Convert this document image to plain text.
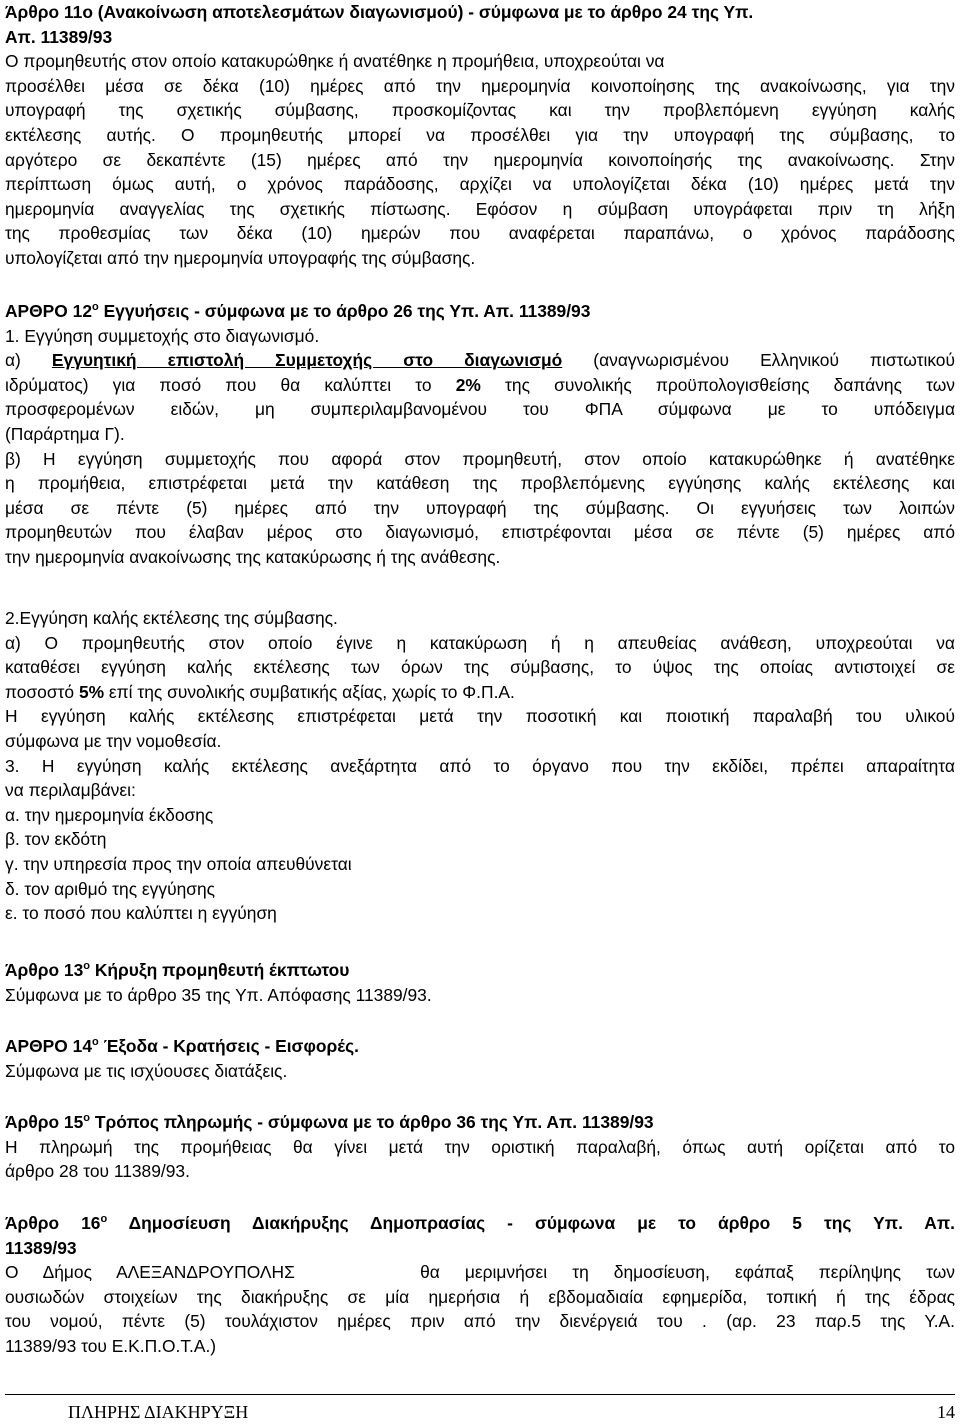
Άρθρο 11ο (Ανακοίνωση αποτελεσμάτων διαγωνισμού) - σύμφωνα με το άρθρο 24 της Υπ.
Απ. 11389/93
Ο προμηθευτής στον οποίο κατακυρώθηκε ή ανατέθηκε η προμήθεια, υποχρεούται να
προσέλθει μέσα σε δέκα (10) ημέρες από την ημερομηνία κοινοποίησης της ανακοίνωσης, για την
υπογραφή της σχετικής σύμβασης, προσκομίζοντας και την προβλεπόμενη εγγύηση καλής
εκτέλεσης αυτής. Ο προμηθευτής μπορεί να προσέλθει για την υπογραφή της σύμβασης, το
αργότερο σε δεκαπέντε (15) ημέρες από την ημερομηνία κοινοποίησής της ανακοίνωσης. Στην
περίπτωση όμως αυτή, ο χρόνος παράδοσης, αρχίζει να υπολογίζεται δέκα (10) ημέρες μετά την
ημερομηνία αναγγελίας της σχετικής πίστωσης. Εφόσον η σύμβαση υπογράφεται πριν τη λήξη
της προθεσμίας των δέκα (10) ημερών που αναφέρεται παραπάνω, ο χρόνος παράδοσης
υπολογίζεται από την ημερομηνία υπογραφής της σύμβασης.
ΑΡΘΡΟ $12^o$ Εγγυήσεις - σύμφωνα με το άρθρο 26 της Υπ. Απ. 11389/93
1. Εγγύηση συμμετοχής στο διαγωνισμό.
α) Εγγυητική επιστολή Συμμετοχής στο διαγωνισμό (αναγνωρισμένου Ελληνικού πιστωτικού
ιδρύματος) για ποσό που θα καλύπτει το 2% της συνολικής προϋπολογισθείσης δαπάνης των
προσφερομένων ειδών, μη συμπεριλαμβανομένου του ΦΠΑ σύμφωνα με το υπόδειγμα
(Παράρτημα Γ).
β) Η εγγύηση συμμετοχής που αφορά στον προμηθευτή, στον οποίο κατακυρώθηκε ή ανατέθηκε
η προμήθεια, επιστρέφεται μετά την κατάθεση της προβλεπόμενης εγγύησης καλής εκτέλεσης και
μέσα σε πέντε (5) ημέρες από την υπογραφή της σύμβασης. Οι εγγυήσεις των λοιπών
προμηθευτών που έλαβαν μέρος στο διαγωνισμό, επιστρέφονται μέσα σε πέντε (5) ημέρες από
την ημερομηνία ανακοίνωσης της κατακύρωσης ή της ανάθεσης.
2.Εγγύηση καλής εκτέλεσης της σύμβασης.
α) Ο προμηθευτής στον οποίο έγινε η κατακύρωση ή η απευθείας ανάθεση, υποχρεούται να
καταθέσει εγγύηση καλής εκτέλεσης των όρων της σύμβασης, το ύψος της οποίας αντιστοιχεί σε
ποσοστό 5% επί της συνολικής συμβατικής αξίας, χωρίς το Φ.Π.Α.
Η εγγύηση καλής εκτέλεσης επιστρέφεται μετά την ποσοτική και ποιοτική παραλαβή του υλικού
σύμφωνα με την νομοθεσία.
3. Η εγγύηση καλής εκτέλεσης ανεξάρτητα από το όργανο που την εκδίδει, πρέπει απαραίτητα
να περιλαμβάνει:
α. την ημερομηνία έκδοσης
β. τον εκδότη
γ. την υπηρεσία προς την οποία απευθύνεται
δ. τον αριθμό της εγγύησης
ε. το ποσό που καλύπτει η εγγύηση
Άρθρο $13^o$ Κήρυξη προμηθευτή έκπτωτου
Σύμφωνα με το άρθρο 35 της Υπ. Απόφασης 11389/93.
ΑΡΘΡΟ $14^o$ Έξοδα - Κρατήσεις - Εισφορές.
Σύμφωνα με τις ισχύουσες διατάξεις.
Άρθρο $15^o$ Τρόπος πληρωμής - σύμφωνα με το άρθρο 36 της Υπ. Απ. 11389/93
Η πληρωμή της προμήθειας θα γίνει μετά την οριστική παραλαβή, όπως αυτή ορίζεται από το
άρθρο 28 του 11389/93.
Άρθρο $16^o$ Δημοσίευση Διακήρυξης Δημοπρασίας - σύμφωνα με το άρθρο 5 της Υπ. Απ.
11389/93
Ο Δήμος ΑΛΕΞΑΝΔΡΟΥΠΟΛΗΣ     θα μεριμνήσει τη δημοσίευση, εφάπαξ περίληψης των
ουσιωδών στοιχείων της διακήρυξης σε μία ημερήσια ή εβδομαδιαία εφημερίδα, τοπική ή της έδρας
του νομού, πέντε (5) τουλάχιστον ημέρες πριν από την διενέργειά του . (αρ. 23 παρ.5 της Υ.Α.
11389/93 του Ε.Κ.Π.Ο.Τ.Α.)
ΠΛΗΡΗΣ ΔΙΑΚΗΡΥΞΗ	14
